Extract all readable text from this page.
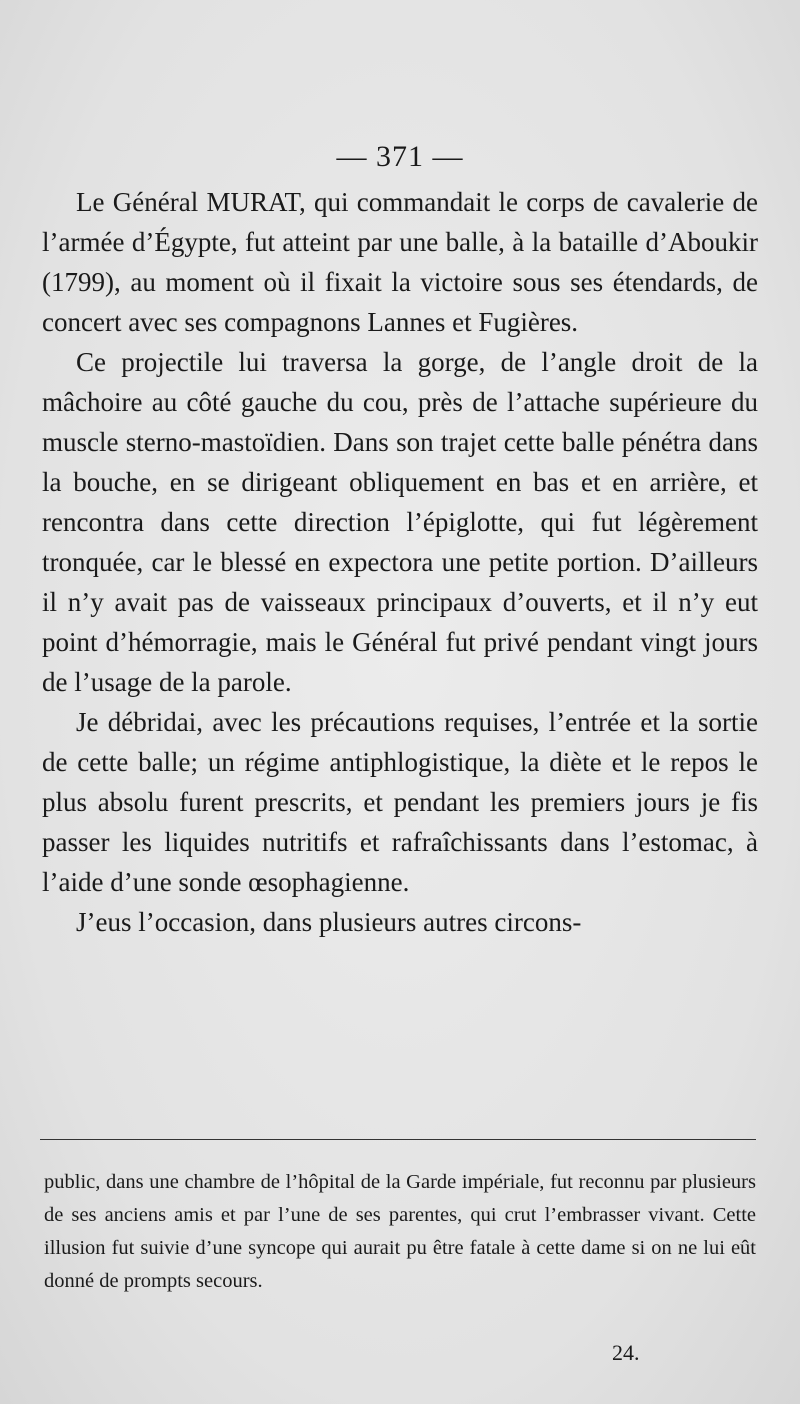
— 371 —

Le Général MURAT, qui commandait le corps de cavalerie de l’armée d’Égypte, fut atteint par une balle, à la bataille d’Aboukir (1799), au moment où il fixait la victoire sous ses étendards, de concert avec ses compagnons Lannes et Fugières.

Ce projectile lui traversa la gorge, de l’angle droit de la mâchoire au côté gauche du cou, près de l’attache supérieure du muscle sterno-mastoïdien. Dans son trajet cette balle pénétra dans la bouche, en se dirigeant obliquement en bas et en arrière, et rencontra dans cette direction l’épiglotte, qui fut légèrement tronquée, car le blessé en expectora une petite portion. D’ailleurs il n’y avait pas de vaisseaux principaux d’ouverts, et il n’y eut point d’hémorragie, mais le Général fut privé pendant vingt jours de l’usage de la parole.

Je débridai, avec les précautions requises, l’entrée et la sortie de cette balle; un régime antiphlogistique, la diète et le repos le plus absolu furent prescrits, et pendant les premiers jours je fis passer les liquides nutritifs et rafraîchissants dans l’estomac, à l’aide d’une sonde œsophagienne.

J’eus l’occasion, dans plusieurs autres circons-

public, dans une chambre de l’hôpital de la Garde impériale, fut reconnu par plusieurs de ses anciens amis et par l’une de ses parentes, qui crut l’embrasser vivant. Cette illusion fut suivie d’une syncope qui aurait pu être fatale à cette dame si on ne lui eût donné de prompts secours.

24.
